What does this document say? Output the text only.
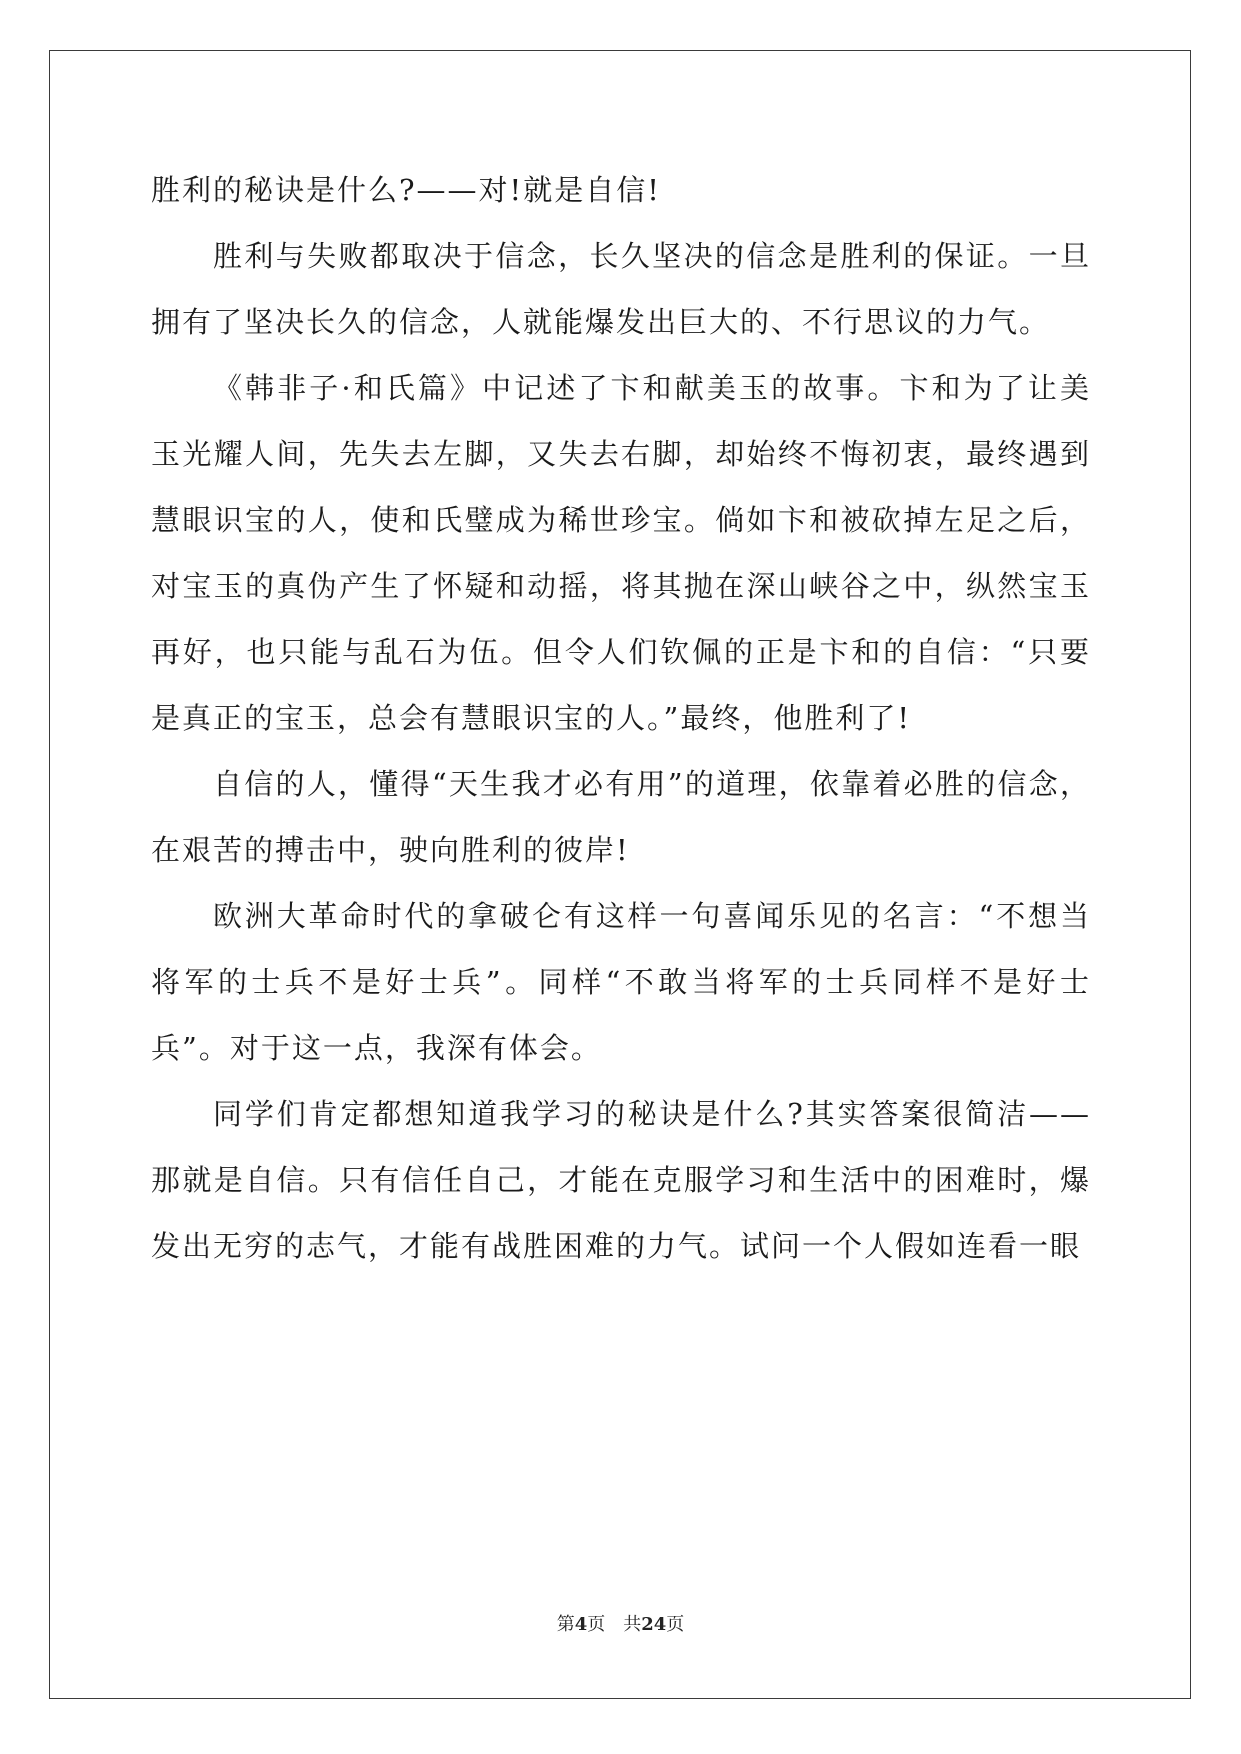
胜利的秘诀是什么?——对!就是自信!

胜利与失败都取决于信念，长久坚决的信念是胜利的保证。一旦拥有了坚决长久的信念，人就能爆发出巨大的、不行思议的力气。

《韩非子·和氏篇》中记述了卞和献美玉的故事。卞和为了让美玉光耀人间，先失去左脚，又失去右脚，却始终不悔初衷，最终遇到慧眼识宝的人，使和氏璧成为稀世珍宝。倘如卞和被砍掉左足之后，对宝玉的真伪产生了怀疑和动摇，将其抛在深山峡谷之中，纵然宝玉再好，也只能与乱石为伍。但令人们钦佩的正是卞和的自信：“只要是真正的宝玉，总会有慧眼识宝的人。”最终，他胜利了!

自信的人，懂得“天生我才必有用”的道理，依靠着必胜的信念，在艰苦的搏击中，驶向胜利的彼岸!

欧洲大革命时代的拿破仑有这样一句喜闻乐见的名言：“不想当将军的士兵不是好士兵”。同样“不敢当将军的士兵同样不是好士兵”。对于这一点，我深有体会。

同学们肯定都想知道我学习的秘诀是什么?其实答案很简洁——那就是自信。只有信任自己，才能在克服学习和生活中的困难时，爆发出无穷的志气，才能有战胜困难的力气。试问一个人假如连看一眼

第4页 共24页
